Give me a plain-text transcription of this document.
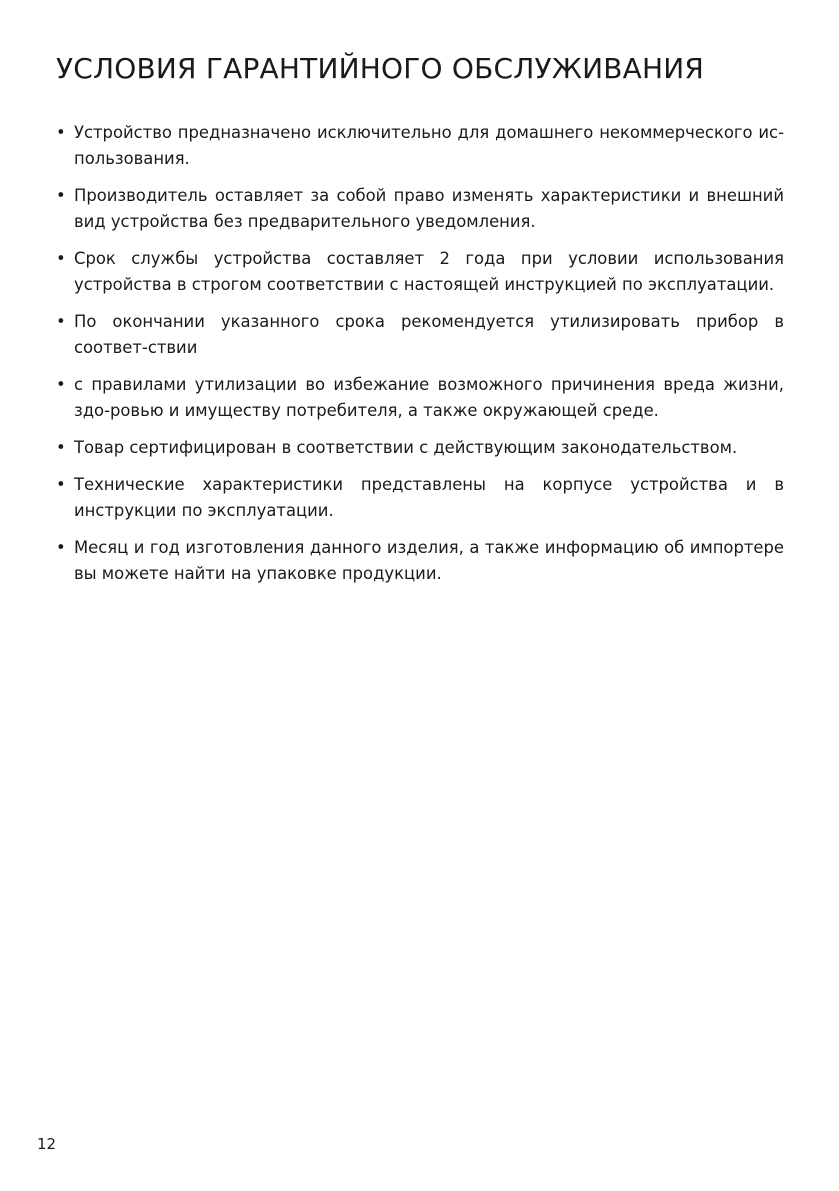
УСЛОВИЯ ГАРАНТИЙНОГО ОБСЛУЖИВАНИЯ
• Устройство предназначено исключительно для домашнего некоммерческого ис-пользования.
• Производитель оставляет за собой право изменять характеристики и внешний вид устройства без предварительного уведомления.
• Срок службы устройства составляет 2 года при условии использования устройства в строгом соответствии с настоящей инструкцией по эксплуатации.
• По окончании указанного срока рекомендуется утилизировать прибор в соответ-ствии
• с правилами утилизации во избежание возможного причинения вреда жизни, здо-ровью и имуществу потребителя, а также окружающей среде.
• Товар сертифицирован в соответствии с действующим законодательством.
• Технические характеристики представлены на корпусе устройства и в инструкции по эксплуатации.
• Месяц и год изготовления данного изделия, а также информацию об импортере вы можете найти на упаковке продукции.
12
